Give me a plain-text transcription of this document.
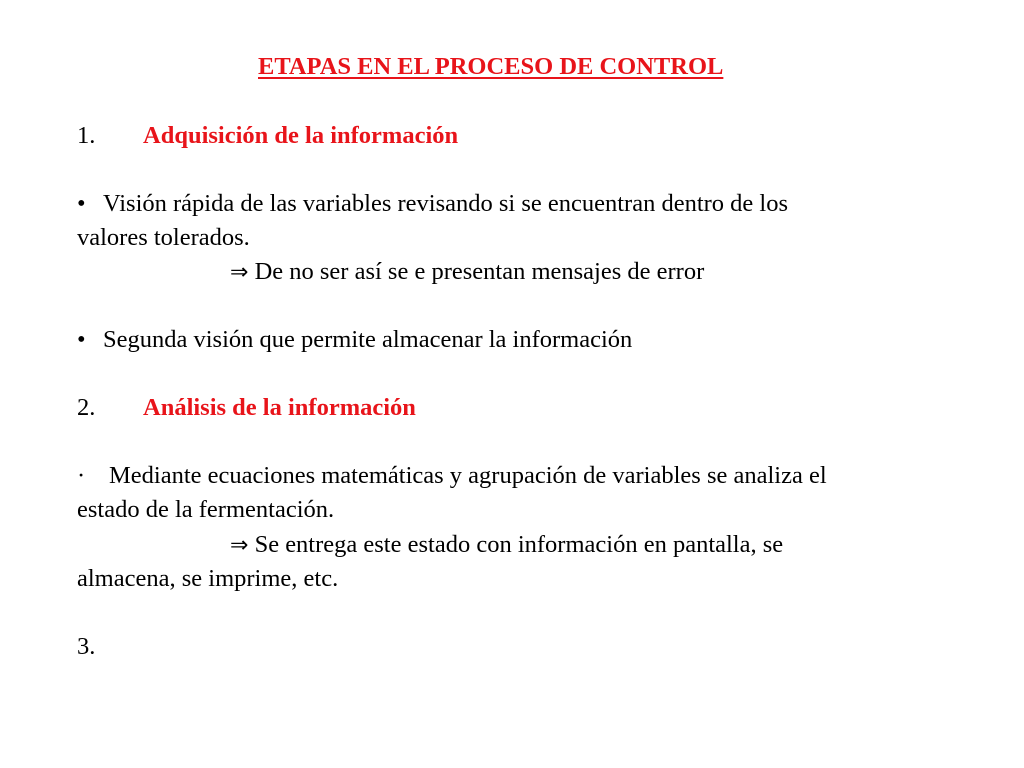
ETAPAS EN EL PROCESO DE CONTROL
1. Adquisición de la información
• Visión rápida de las variables revisando si se encuentran dentro de los
valores tolerados.
⇒ De no ser así se e presentan mensajes de error
• Segunda visión que permite almacenar la información
2. Análisis de la información
· Mediante ecuaciones matemáticas y agrupación de variables se analiza el
estado de la fermentación.
⇒ Se entrega este estado con información en pantalla, se
almacena, se imprime, etc.
3.
